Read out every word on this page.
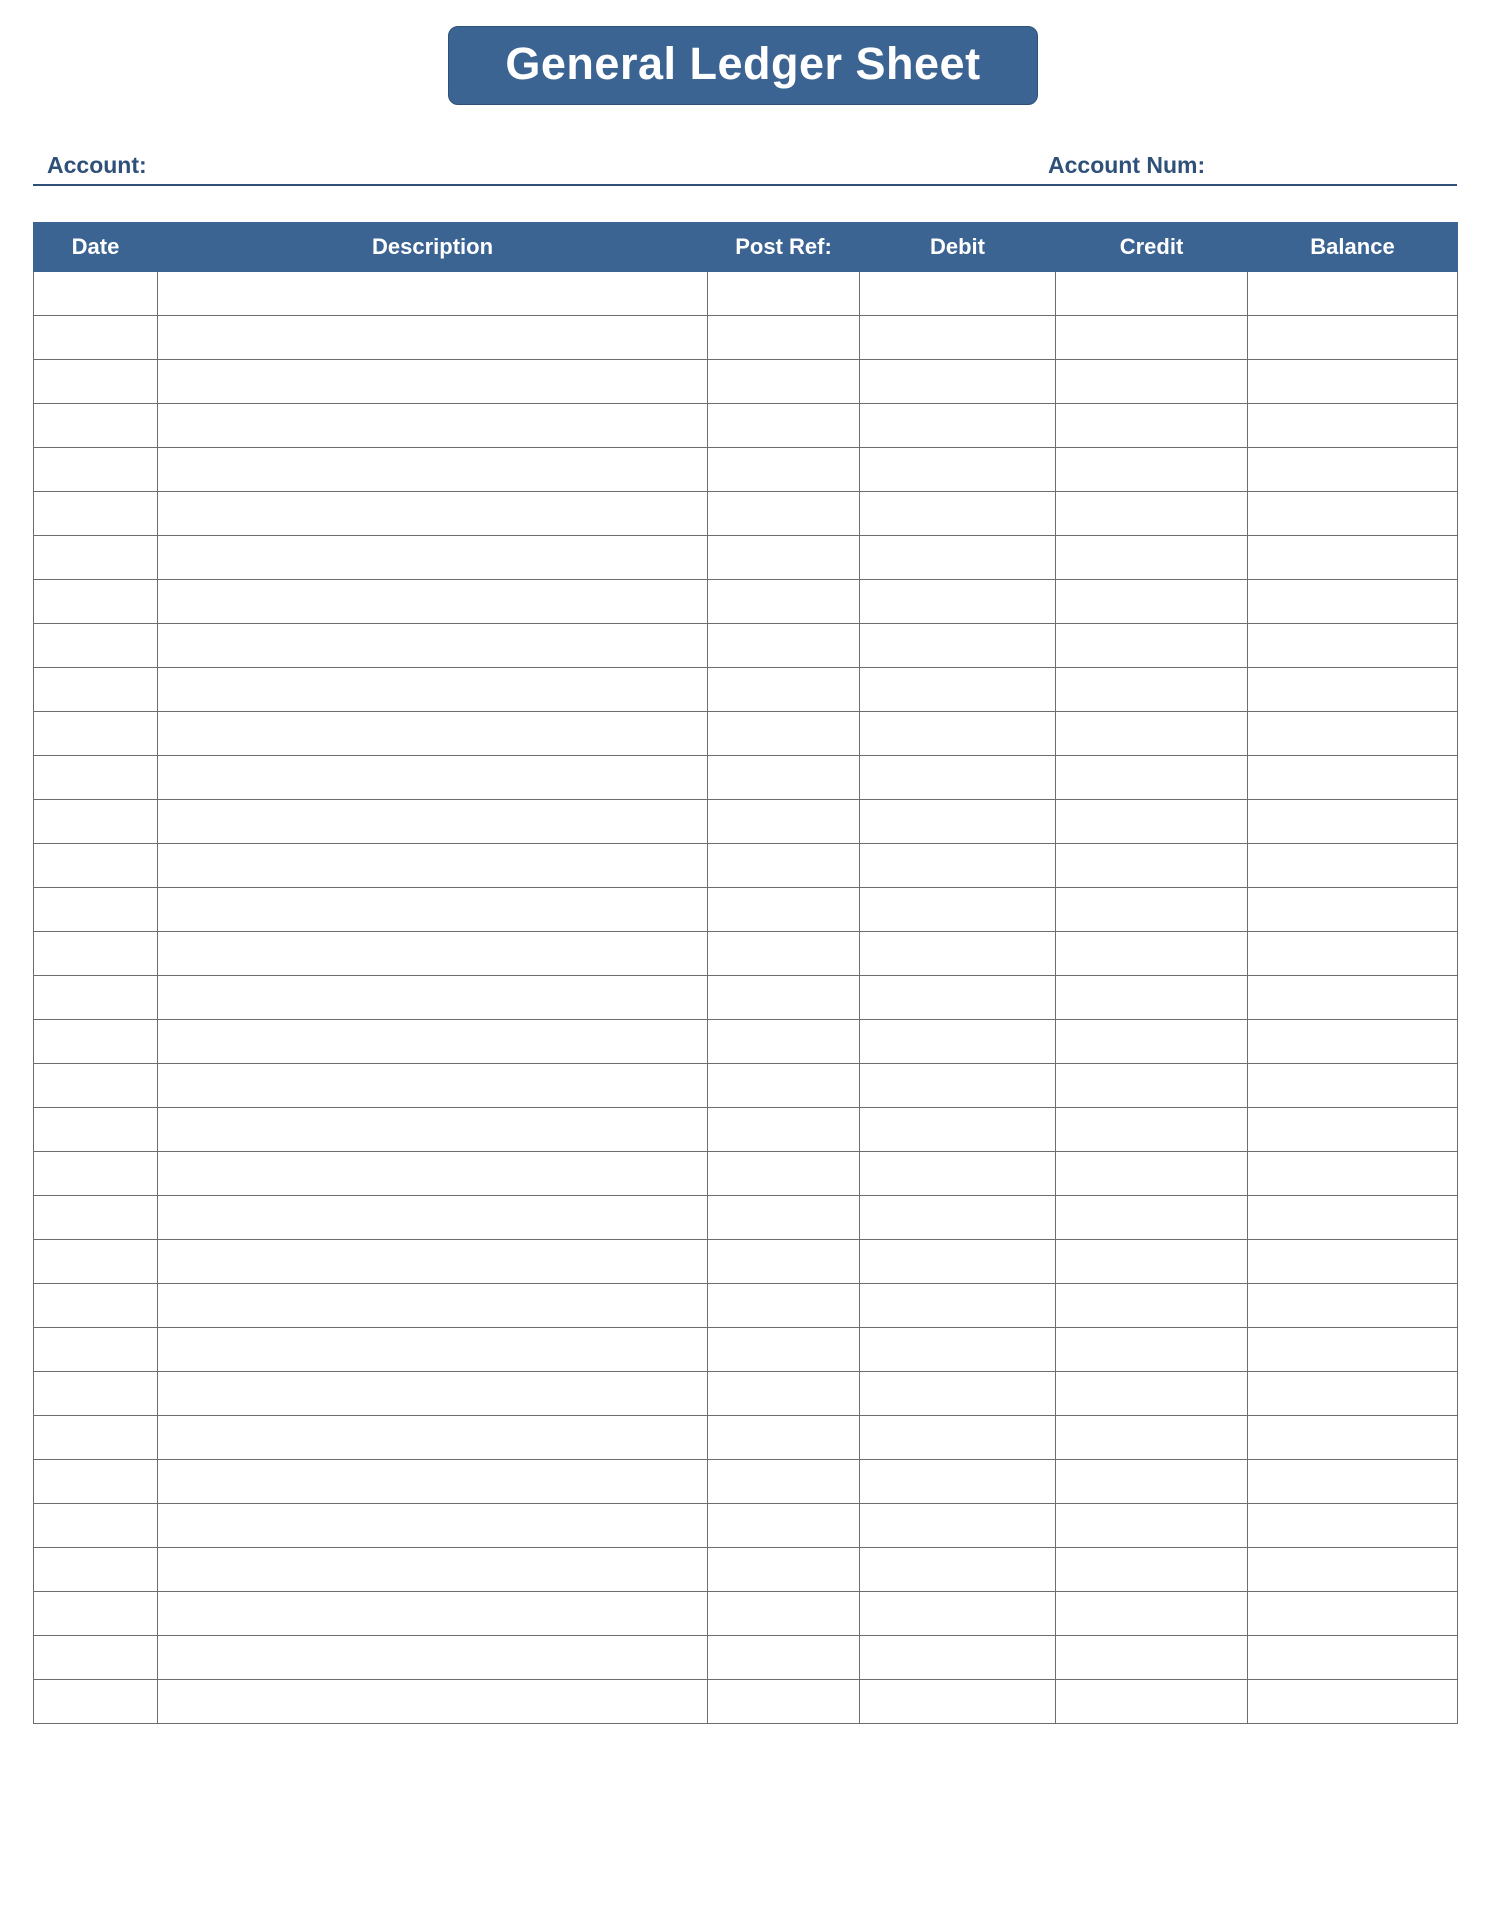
General Ledger Sheet
Account:	Account Num:
Date	Description	Post Ref:	Debit	Credit	Balance
